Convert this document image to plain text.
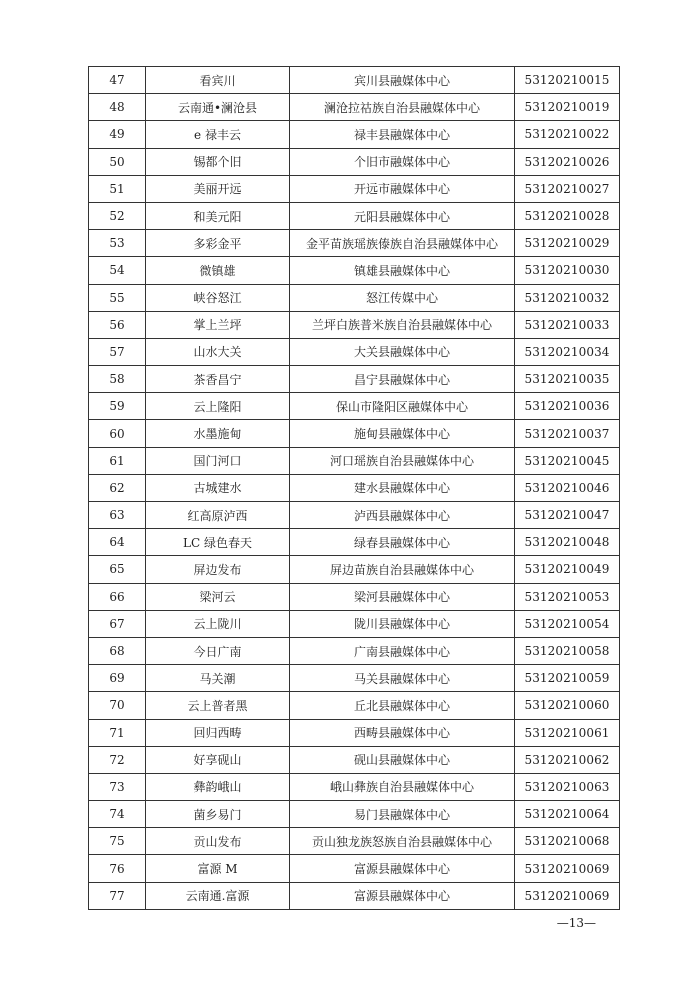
47	看宾川	宾川县融媒体中心	53120210015
48	云南通•澜沧县	澜沧拉祜族自治县融媒体中心	53120210019
49	e 禄丰云	禄丰县融媒体中心	53120210022
50	锡都个旧	个旧市融媒体中心	53120210026
51	美丽开远	开远市融媒体中心	53120210027
52	和美元阳	元阳县融媒体中心	53120210028
53	多彩金平	金平苗族瑶族傣族自治县融媒体中心	53120210029
54	微镇雄	镇雄县融媒体中心	53120210030
55	峡谷怒江	怒江传媒中心	53120210032
56	掌上兰坪	兰坪白族普米族自治县融媒体中心	53120210033
57	山水大关	大关县融媒体中心	53120210034
58	茶香昌宁	昌宁县融媒体中心	53120210035
59	云上隆阳	保山市隆阳区融媒体中心	53120210036
60	水墨施甸	施甸县融媒体中心	53120210037
61	国门河口	河口瑶族自治县融媒体中心	53120210045
62	古城建水	建水县融媒体中心	53120210046
63	红高原泸西	泸西县融媒体中心	53120210047
64	LC 绿色春天	绿春县融媒体中心	53120210048
65	屏边发布	屏边苗族自治县融媒体中心	53120210049
66	梁河云	梁河县融媒体中心	53120210053
67	云上陇川	陇川县融媒体中心	53120210054
68	今日广南	广南县融媒体中心	53120210058
69	马关潮	马关县融媒体中心	53120210059
70	云上普者黑	丘北县融媒体中心	53120210060
71	回归西畴	西畴县融媒体中心	53120210061
72	好享砚山	砚山县融媒体中心	53120210062
73	彝韵峨山	峨山彝族自治县融媒体中心	53120210063
74	菌乡易门	易门县融媒体中心	53120210064
75	贡山发布	贡山独龙族怒族自治县融媒体中心	53120210068
76	富源 M	富源县融媒体中心	53120210069
77	云南通.富源	富源县融媒体中心	53120210069
—13—
